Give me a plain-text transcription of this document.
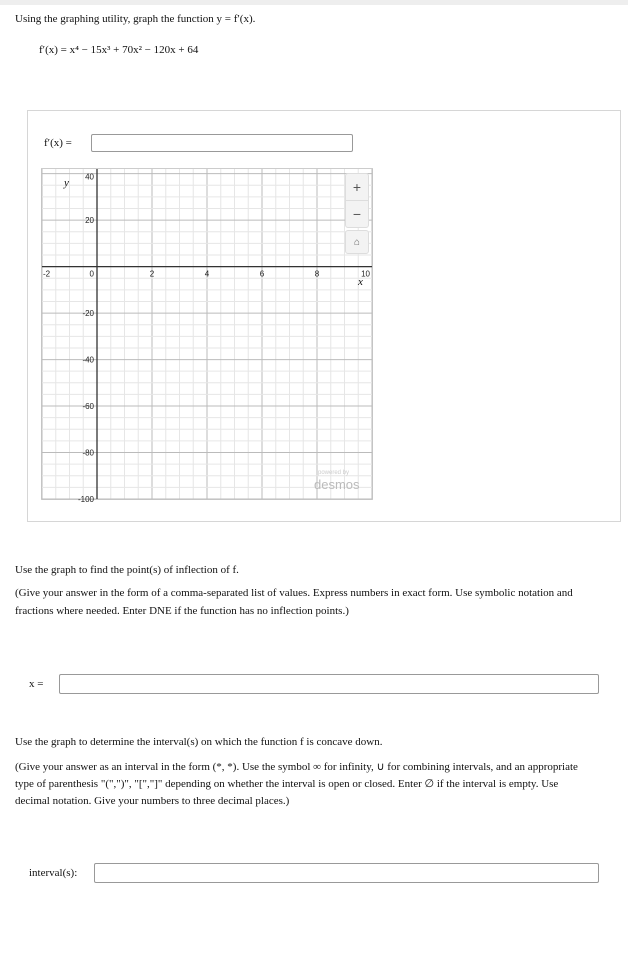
Using the graphing utility, graph the function y = f′(x).
f′(x) = x⁴ − 15x³ + 70x² − 120x + 64
f′(x) =
-2	2	4	6	8	10
40
20
0
-20
-40
-60
-80
-100
y
x
+
−
⌂
powered by
desmos
Use the graph to find the point(s) of inflection of f.
(Give your answer in the form of a comma-separated list of values. Express numbers in exact form. Use symbolic notation and
fractions where needed. Enter DNE if the function has no inflection points.)
x =
Use the graph to determine the interval(s) on which the function f is concave down.
(Give your answer as an interval in the form (*, *). Use the symbol ∞ for infinity, ∪ for combining intervals, and an appropriate
type of parenthesis "(",")", "[","]" depending on whether the interval is open or closed. Enter ∅ if the interval is empty. Use
decimal notation. Give your numbers to three decimal places.)
interval(s):
